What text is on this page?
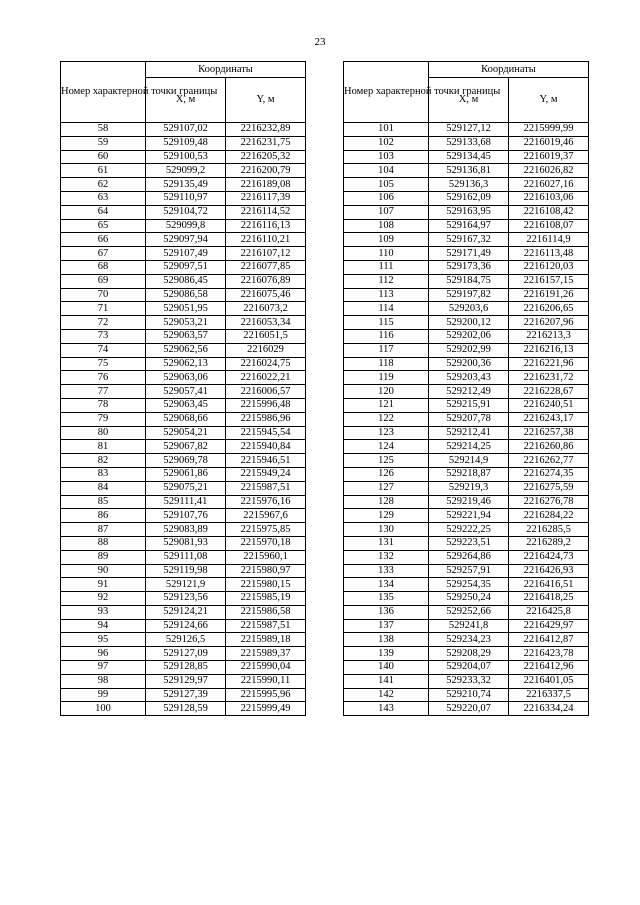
23
Номер характерной точки границы	Координаты	
	X, м	Y, м
58	529107,02	2216232,89
59	529109,48	2216231,75
60	529100,53	2216205,32
61	529099,2	2216200,79
62	529135,49	2216189,08
63	529110,97	2216117,39
64	529104,72	2216114,52
65	529099,8	2216116,13
66	529097,94	2216110,21
67	529107,49	2216107,12
68	529097,51	2216077,85
69	529086,45	2216076,89
70	529086,58	2216075,46
71	529051,95	2216073,2
72	529053,21	2216053,34
73	529063,57	2216051,5
74	529062,56	2216029
75	529062,13	2216024,75
76	529063,06	2216022,21
77	529057,41	2216006,57
78	529063,45	2215996,48
79	529068,66	2215986,96
80	529054,21	2215945,54
81	529067,82	2215940,84
82	529069,78	2215946,51
83	529061,86	2215949,24
84	529075,21	2215987,51
85	529111,41	2215976,16
86	529107,76	2215967,6
87	529083,89	2215975,85
88	529081,93	2215970,18
89	529111,08	2215960,1
90	529119,98	2215980,97
91	529121,9	2215980,15
92	529123,56	2215985,19
93	529124,21	2215986,58
94	529124,66	2215987,51
95	529126,5	2215989,18
96	529127,09	2215989,37
97	529128,85	2215990,04
98	529129,97	2215990,11
99	529127,39	2215995,96
100	529128,59	2215999,49
Номер характерной точки границы	Координаты	
	X, м	Y, м
101	529127,12	2215999,99
102	529133,68	2216019,46
103	529134,45	2216019,37
104	529136,81	2216026,82
105	529136,3	2216027,16
106	529162,09	2216103,06
107	529163,95	2216108,42
108	529164,97	2216108,07
109	529167,32	2216114,9
110	529171,49	2216113,48
111	529173,36	2216120,03
112	529184,75	2216157,15
113	529197,82	2216191,26
114	529203,6	2216206,65
115	529200,12	2216207,96
116	529202,06	2216213,3
117	529202,99	2216216,13
118	529200,36	2216221,96
119	529203,43	2216231,72
120	529212,49	2216228,67
121	529215,91	2216240,51
122	529207,78	2216243,17
123	529212,41	2216257,38
124	529214,25	2216260,86
125	529214,9	2216262,77
126	529218,87	2216274,35
127	529219,3	2216275,59
128	529219,46	2216276,78
129	529221,94	2216284,22
130	529222,25	2216285,5
131	529223,51	2216289,2
132	529264,86	2216424,73
133	529257,91	2216426,93
134	529254,35	2216416,51
135	529250,24	2216418,25
136	529252,66	2216425,8
137	529241,8	2216429,97
138	529234,23	2216412,87
139	529208,29	2216423,78
140	529204,07	2216412,96
141	529233,32	2216401,05
142	529210,74	2216337,5
143	529220,07	2216334,24
